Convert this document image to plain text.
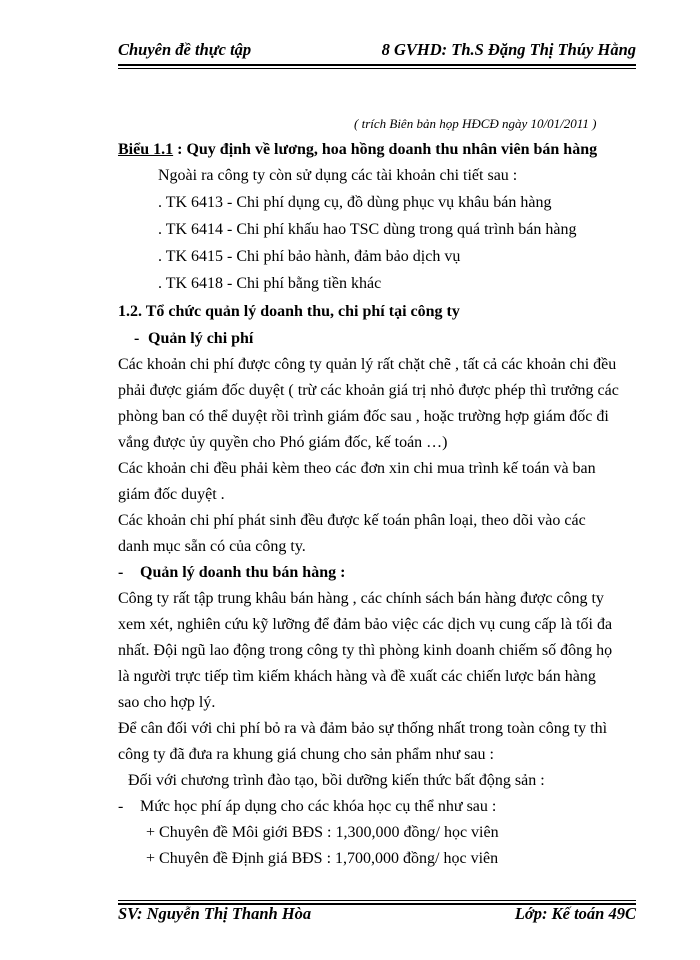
Chuyên đề thực tập	8 GVHD: Th.S Đặng Thị Thúy Hằng
( trích Biên bản họp HĐCĐ ngày 10/01/2011 )
Biểu 1.1 : Quy định về lương, hoa hồng doanh thu nhân viên bán hàng
Ngoài ra công ty còn sử dụng các tài khoản chi tiết sau :
. TK 6413 - Chi phí dụng cụ, đồ dùng phục vụ khâu bán hàng
. TK 6414 - Chi phí khấu hao TSC dùng trong quá trình bán hàng
. TK 6415 - Chi phí bảo hành, đảm bảo dịch vụ
. TK 6418 - Chi phí bằng tiền khác
1.2. Tổ chức quản lý doanh thu, chi phí tại công ty
- Quản lý chi phí
Các khoản chi phí được công ty quản lý rất chặt chẽ , tất cả các khoản chi đều
phải được giám đốc duyệt ( trừ các khoản giá trị nhỏ được phép thì trưởng các
phòng ban có thể duyệt rồi trình giám đốc sau , hoặc trường hợp giám đốc đi
vắng được ủy quyền cho Phó giám đốc, kế toán …)
Các khoản chi đều phải kèm theo các đơn xin chi mua trình kế toán và ban
giám đốc duyệt .
Các khoản chi phí phát sinh đều được kế toán phân loại, theo dõi vào các
danh mục sẵn có của công ty.
- Quản lý doanh thu bán hàng :
Công ty rất tập trung khâu bán hàng , các chính sách bán hàng được công ty
xem xét, nghiên cứu kỹ lưỡng để đảm bảo việc các dịch vụ cung cấp là tối đa
nhất. Đội ngũ lao động trong công ty thì phòng kinh doanh chiếm số đông họ
là người trực tiếp tìm kiếm khách hàng và đề xuất các chiến lược bán hàng
sao cho hợp lý.
Để cân đối với chi phí bỏ ra và đảm bảo sự thống nhất trong toàn công ty thì
công ty đã đưa ra khung giá chung cho sản phẩm như sau :
Đối với chương trình đào tạo, bồi dưỡng kiến thức bất động sản :
- Mức học phí áp dụng cho các khóa học cụ thể như sau :
+ Chuyên đề Môi giới BĐS : 1,300,000 đồng/ học viên
+ Chuyên đề Định giá BĐS : 1,700,000 đồng/ học viên
SV: Nguyễn Thị Thanh Hòa	Lớp: Kế toán 49C
